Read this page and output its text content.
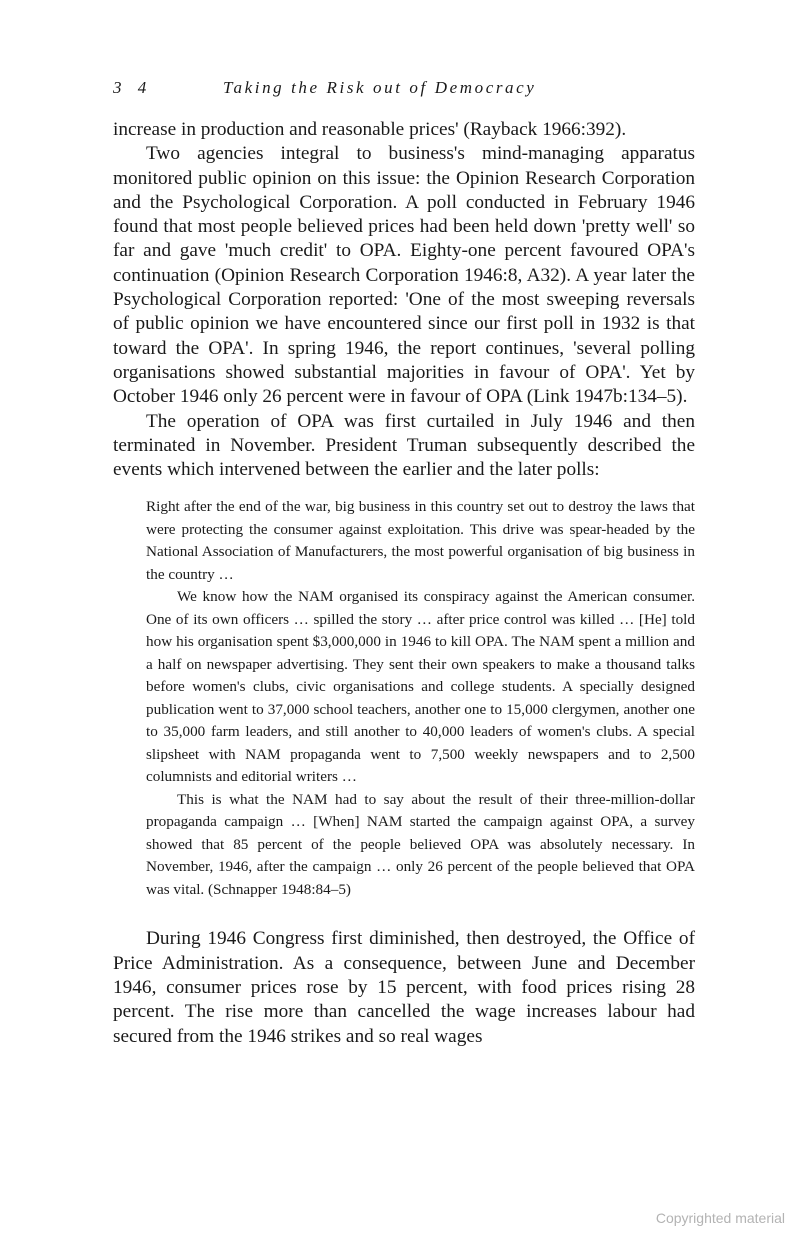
3 4	Taking the Risk out of Democracy

increase in production and reasonable prices' (Rayback 1966:392).

Two agencies integral to business's mind-managing apparatus monitored public opinion on this issue: the Opinion Research Corporation and the Psychological Corporation. A poll conducted in February 1946 found that most people believed prices had been held down 'pretty well' so far and gave 'much credit' to OPA. Eighty-one percent favoured OPA's continuation (Opinion Research Corporation 1946:8, A32). A year later the Psychological Corporation reported: 'One of the most sweeping reversals of public opinion we have encountered since our first poll in 1932 is that toward the OPA'. In spring 1946, the report continues, 'several polling organisations showed substantial majorities in favour of OPA'. Yet by October 1946 only 26 percent were in favour of OPA (Link 1947b:134–5).

The operation of OPA was first curtailed in July 1946 and then terminated in November. President Truman subsequently described the events which intervened between the earlier and the later polls:

Right after the end of the war, big business in this country set out to destroy the laws that were protecting the consumer against exploitation. This drive was spear-headed by the National Association of Manufacturers, the most powerful organisation of big business in the country …

We know how the NAM organised its conspiracy against the American consumer. One of its own officers … spilled the story … after price control was killed … [He] told how his organisation spent $3,000,000 in 1946 to kill OPA. The NAM spent a million and a half on newspaper advertising. They sent their own speakers to make a thousand talks before women's clubs, civic organisations and college students. A specially designed publication went to 37,000 school teachers, another one to 15,000 clergymen, another one to 35,000 farm leaders, and still another to 40,000 leaders of women's clubs. A special slipsheet with NAM propaganda went to 7,500 weekly newspapers and to 2,500 columnists and editorial writers …

This is what the NAM had to say about the result of their three-million-dollar propaganda campaign … [When] NAM started the campaign against OPA, a survey showed that 85 percent of the people believed OPA was absolutely necessary. In November, 1946, after the campaign … only 26 percent of the people believed that OPA was vital. (Schnapper 1948:84–5)

During 1946 Congress first diminished, then destroyed, the Office of Price Administration. As a consequence, between June and December 1946, consumer prices rose by 15 percent, with food prices rising 28 percent. The rise more than cancelled the wage increases labour had secured from the 1946 strikes and so real wages

Copyrighted material
